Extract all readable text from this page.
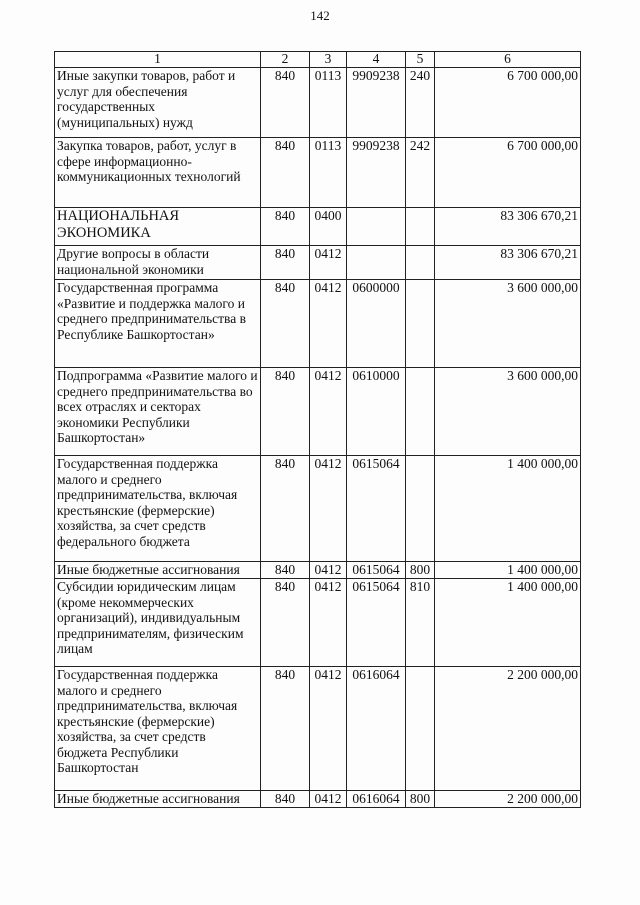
142
1	2	3	4	5	6
Иные закупки товаров, работ и услуг для обеспечения государственных (муниципальных) нужд	840	0113	9909238	240	6 700 000,00
Закупка товаров, работ, услуг в сфере информационно-коммуникационных технологий	840	0113	9909238	242	6 700 000,00
НАЦИОНАЛЬНАЯ ЭКОНОМИКА	840	0400			83 306 670,21
Другие вопросы в области национальной экономики	840	0412			83 306 670,21
Государственная программа «Развитие и поддержка малого и среднего предпринимательства в Республике Башкортостан»	840	0412	0600000		3 600 000,00
Подпрограмма «Развитие малого и среднего предпринимательства во всех отраслях и секторах экономики Республики Башкортостан»	840	0412	0610000		3 600 000,00
Государственная поддержка малого и среднего предпринимательства, включая крестьянские (фермерские) хозяйства, за счет средств федерального бюджета	840	0412	0615064		1 400 000,00
Иные бюджетные ассигнования	840	0412	0615064	800	1 400 000,00
Субсидии юридическим лицам (кроме некоммерческих организаций), индивидуальным предпринимателям, физическим лицам	840	0412	0615064	810	1 400 000,00
Государственная поддержка малого и среднего предпринимательства, включая крестьянские (фермерские) хозяйства, за счет средств бюджета Республики Башкортостан	840	0412	0616064		2 200 000,00
Иные бюджетные ассигнования	840	0412	0616064	800	2 200 000,00
